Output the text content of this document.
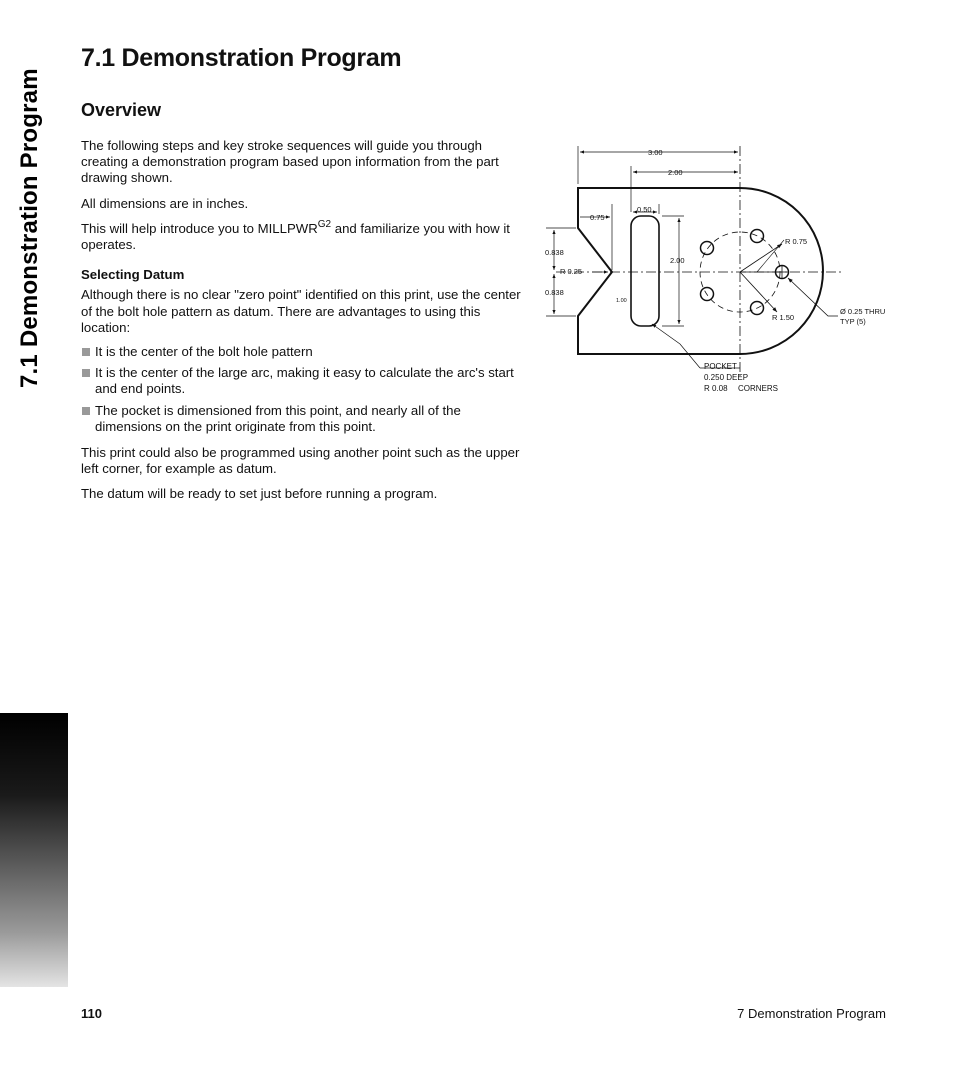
7.1 Demonstration Program
7.1 Demonstration Program
Overview

The following steps and key stroke sequences will guide you through creating a demonstration program based upon information from the part drawing shown.

All dimensions are in inches.

This will help introduce you to $MILLPWR^{G2}$ and familiarize you with how it operates.

Selecting Datum

Although there is no clear "zero point" identified on this print, use the center of the bolt hole pattern as datum. There are advantages to using this location:

It is the center of the bolt hole pattern
It is the center of the large arc, making it easy to calculate the arc's start and end points.
The pocket is dimensioned from this point, and nearly all of the dimensions on the print originate from this point.

This print could also be programmed using another point such as the upper left corner, for example as datum.

The datum will be ready to set just before running a program.

3.00
2.00
0.75
0.50
0.838
R 0.25
0.838
1.00
2.00
R 0.75
R 1.50
Ø 0.25 THRU
TYP (5)
POCKET
0.250 DEEP
R 0.08 CORNERS
110	7 Demonstration Program
